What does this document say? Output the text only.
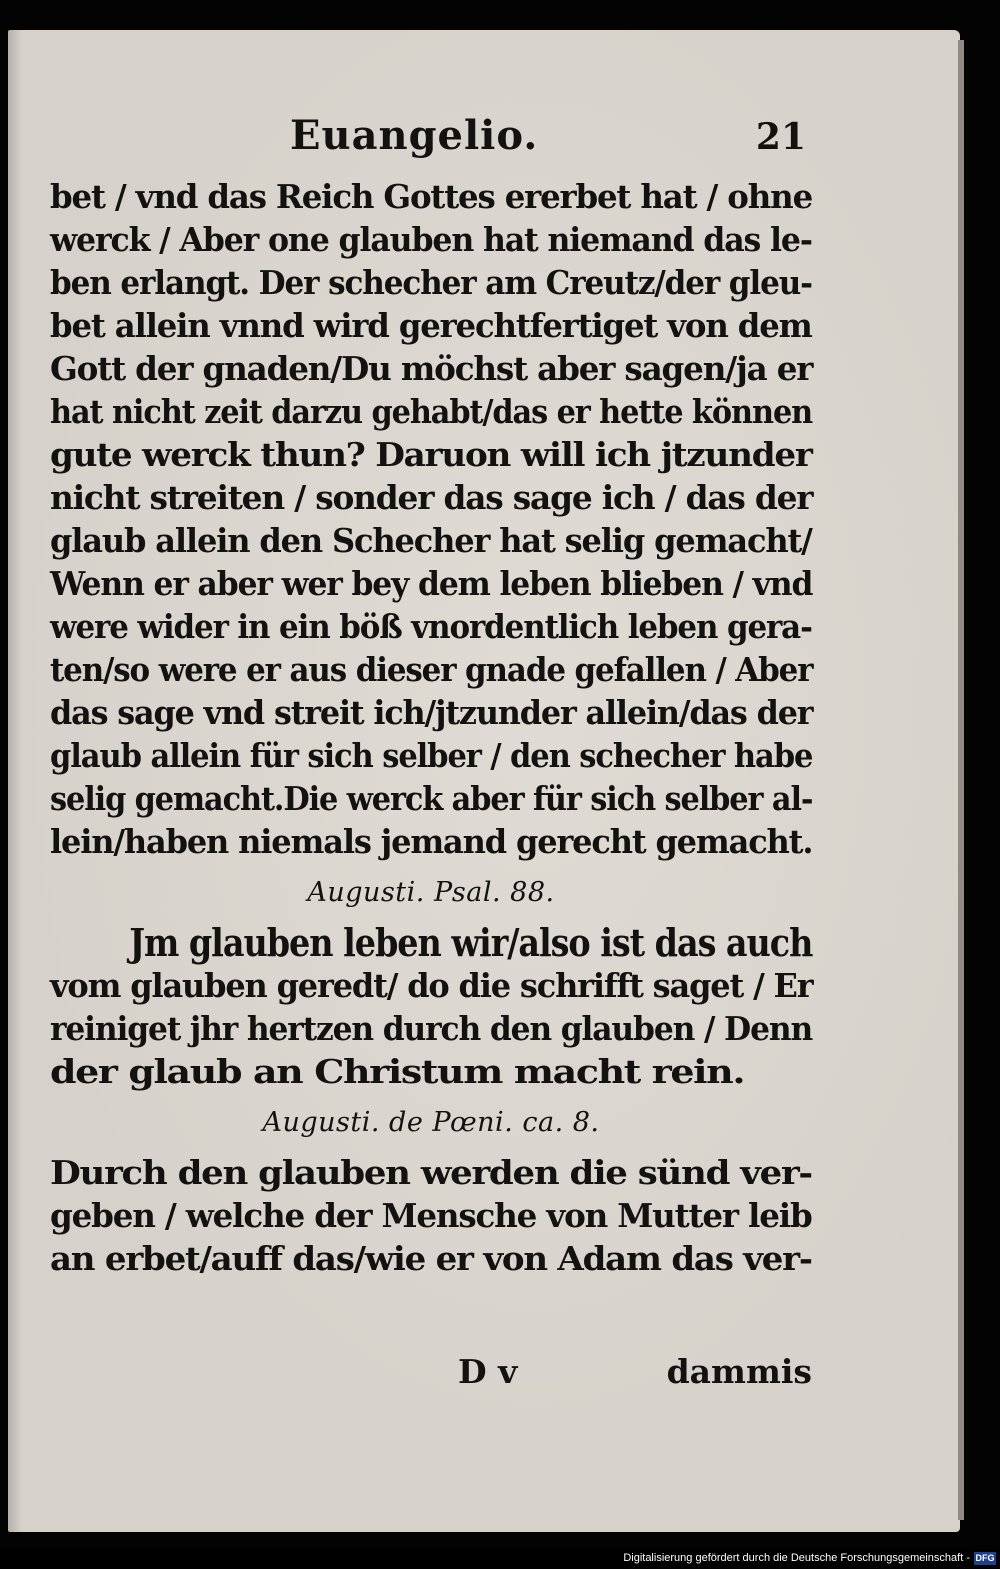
Euangelio.	21
bet / vnd das Reich Gottes ererbet hat / ohne
werck / Aber one glauben hat niemand das le-
ben erlangt. Der schecher am Creutz/der gleu-
bet allein vnnd wird gerechtfertiget von dem
Gott der gnaden/Du möchst aber sagen/ja er
hat nicht zeit darzu gehabt/das er hette können
gute werck thun? Daruon will ich jtzunder
nicht streiten / sonder das sage ich / das der
glaub allein den Schecher hat selig gemacht/
Wenn er aber wer bey dem leben blieben / vnd
were wider in ein böß vnordentlich leben gera-
ten/so were er aus dieser gnade gefallen / Aber
das sage vnd streit ich/jtzunder allein/das der
glaub allein für sich selber / den schecher habe
selig gemacht.Die werck aber für sich selber al-
lein/haben niemals jemand gerecht gemacht.
Augusti. Psal. 88.
Jm glauben leben wir/also ist das auch
vom glauben geredt/ do die schrifft saget / Er
reiniget jhr hertzen durch den glauben / Denn
der glaub an Christum macht rein.
Augusti. de Pœni. ca. 8.
Durch den glauben werden die sünd ver-
geben / welche der Mensche von Mutter leib
an erbet/auff das/wie er von Adam das ver-
D v	dammis
Digitalisierung gefördert durch die Deutsche Forschungsgemeinschaft - DFG
